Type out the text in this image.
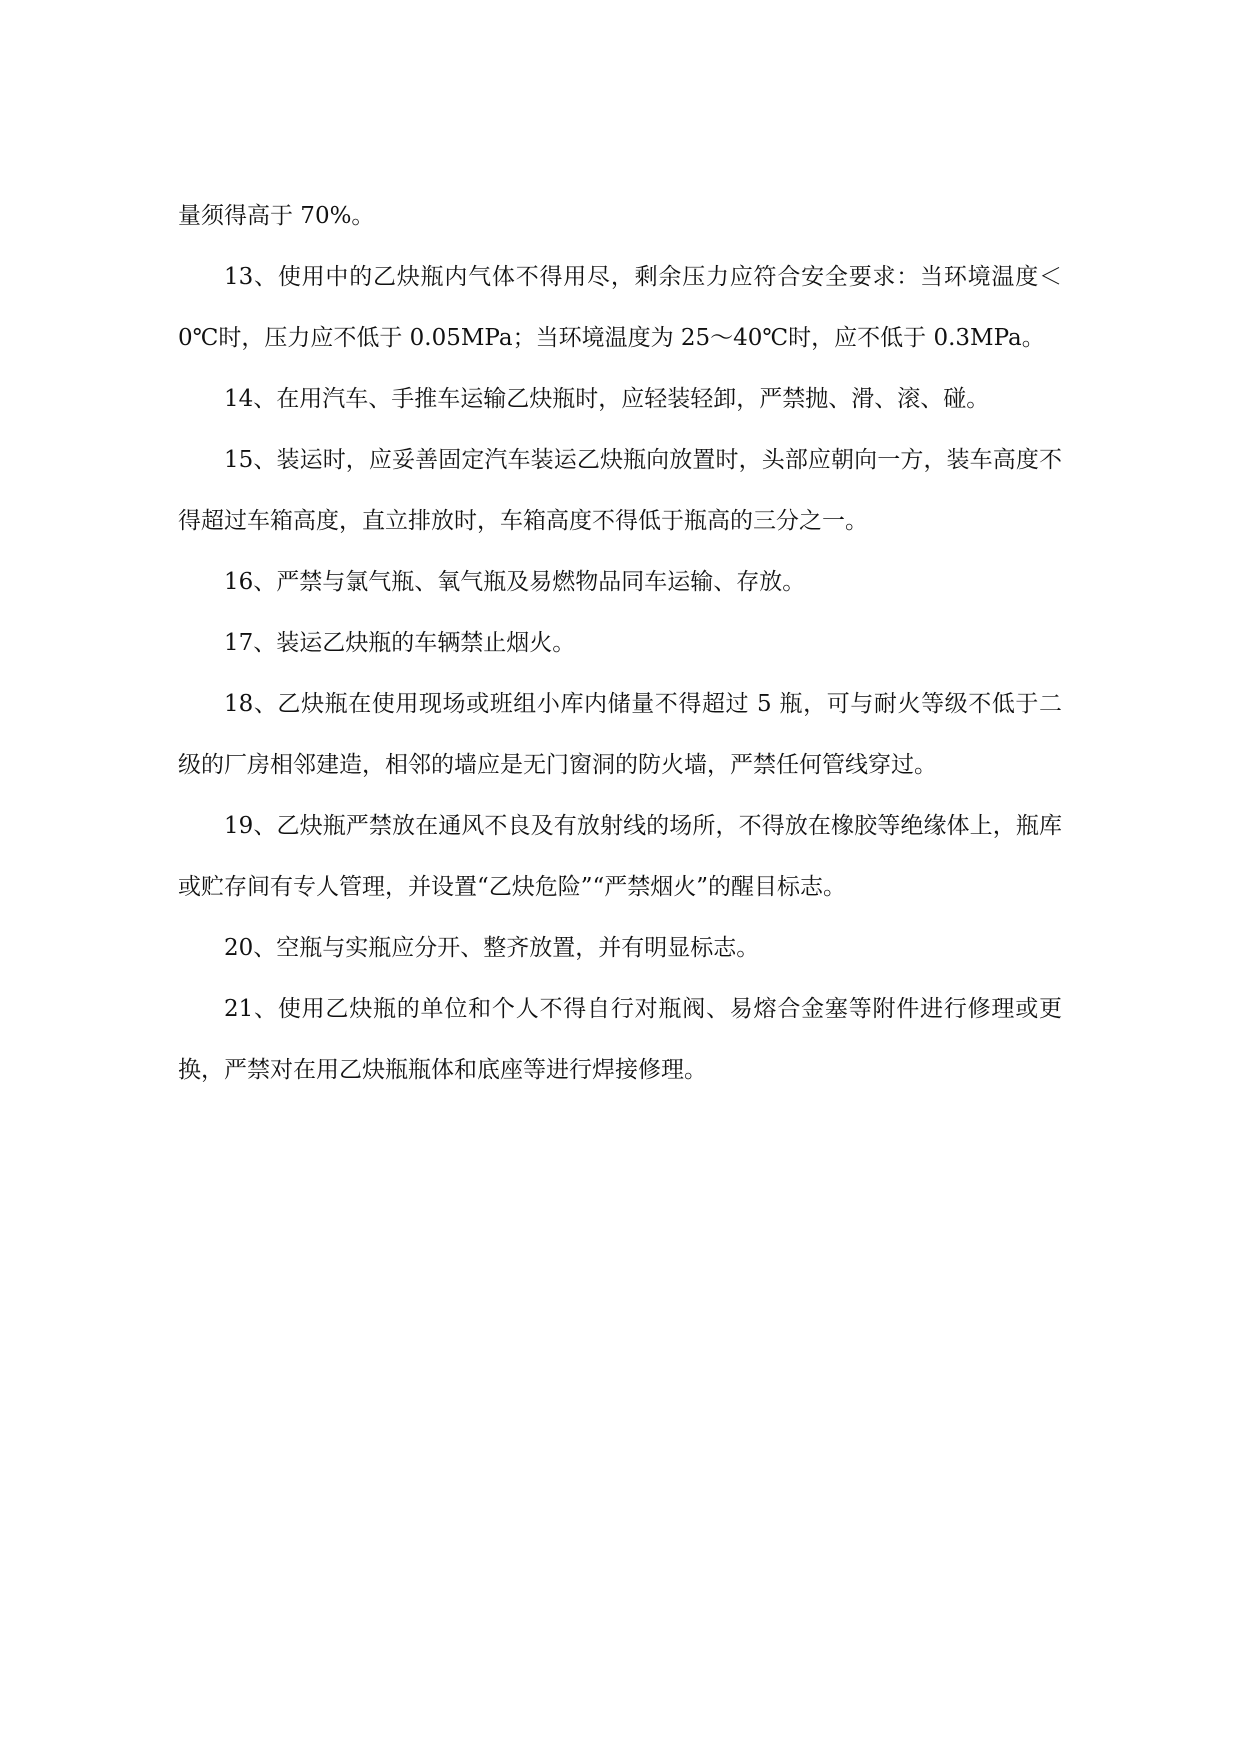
量须得高于 70%。

13、使用中的乙炔瓶内气体不得用尽，剩余压力应符合安全要求：当环境温度＜0℃时，压力应不低于 0.05MPa；当环境温度为 25～40℃时，应不低于 0.3MPa。

14、在用汽车、手推车运输乙炔瓶时，应轻装轻卸，严禁抛、滑、滚、碰。

15、装运时，应妥善固定汽车装运乙炔瓶向放置时，头部应朝向一方，装车高度不得超过车箱高度，直立排放时，车箱高度不得低于瓶高的三分之一。

16、严禁与氯气瓶、氧气瓶及易燃物品同车运输、存放。

17、装运乙炔瓶的车辆禁止烟火。

18、乙炔瓶在使用现场或班组小库内储量不得超过 5 瓶，可与耐火等级不低于二级的厂房相邻建造，相邻的墙应是无门窗洞的防火墙，严禁任何管线穿过。

19、乙炔瓶严禁放在通风不良及有放射线的场所，不得放在橡胶等绝缘体上，瓶库或贮存间有专人管理，并设置“乙炔危险”“严禁烟火”的醒目标志。

20、空瓶与实瓶应分开、整齐放置，并有明显标志。

21、使用乙炔瓶的单位和个人不得自行对瓶阀、易熔合金塞等附件进行修理或更换，严禁对在用乙炔瓶瓶体和底座等进行焊接修理。
